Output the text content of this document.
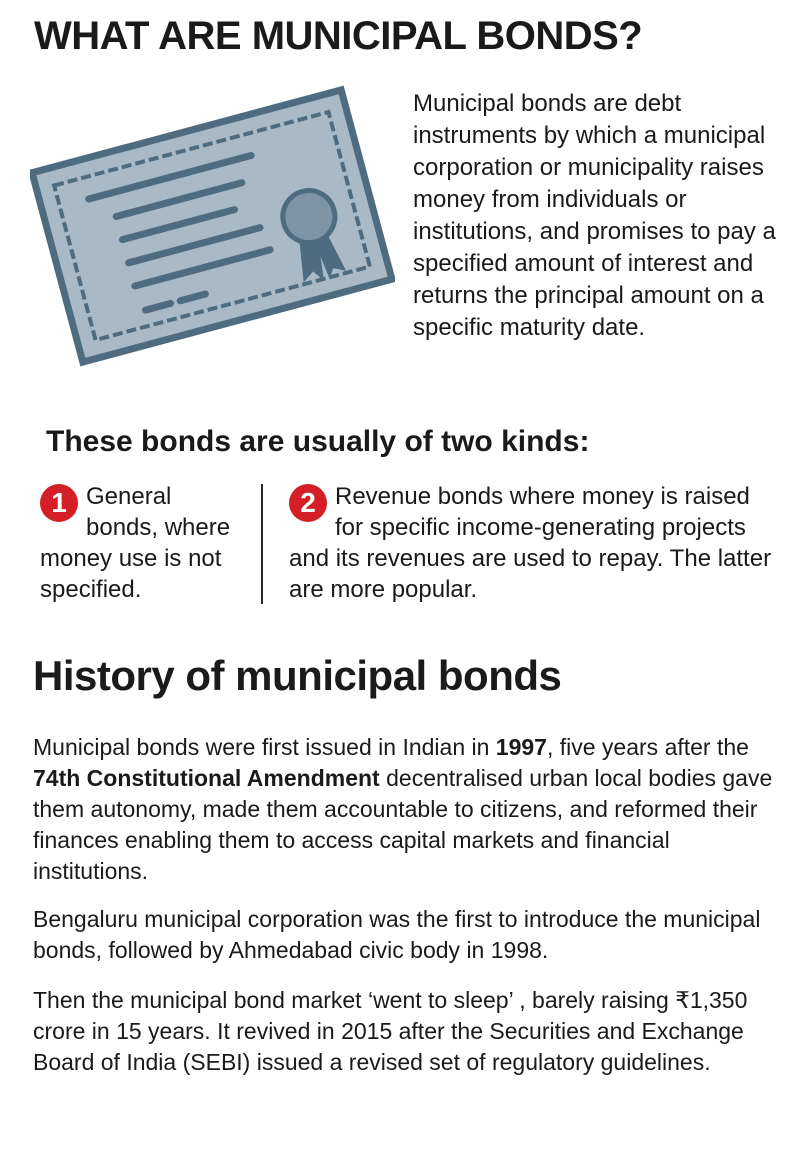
WHAT ARE MUNICIPAL BONDS?
Municipal bonds are debt instruments by which a municipal corporation or municipality raises money from individuals or institutions, and promises to pay a specified amount of interest and returns the principal amount on a specific maturity date.
These bonds are usually of two kinds:
1 General bonds, where money use is not specified.
2 Revenue bonds where money is raised for specific income-generating projects and its revenues are used to repay. The latter are more popular.
History of municipal bonds

Municipal bonds were first issued in Indian in 1997, five years after the 74th Constitutional Amendment decentralised urban local bodies gave them autonomy, made them accountable to citizens, and reformed their finances enabling them to access capital markets and financial institutions.

Bengaluru municipal corporation was the first to introduce the municipal bonds, followed by Ahmedabad civic body in 1998.

Then the municipal bond market ‘went to sleep’ , barely raising ₹1,350 crore in 15 years. It revived in 2015 after the Securities and Exchange Board of India (SEBI) issued a revised set of regulatory guidelines.
